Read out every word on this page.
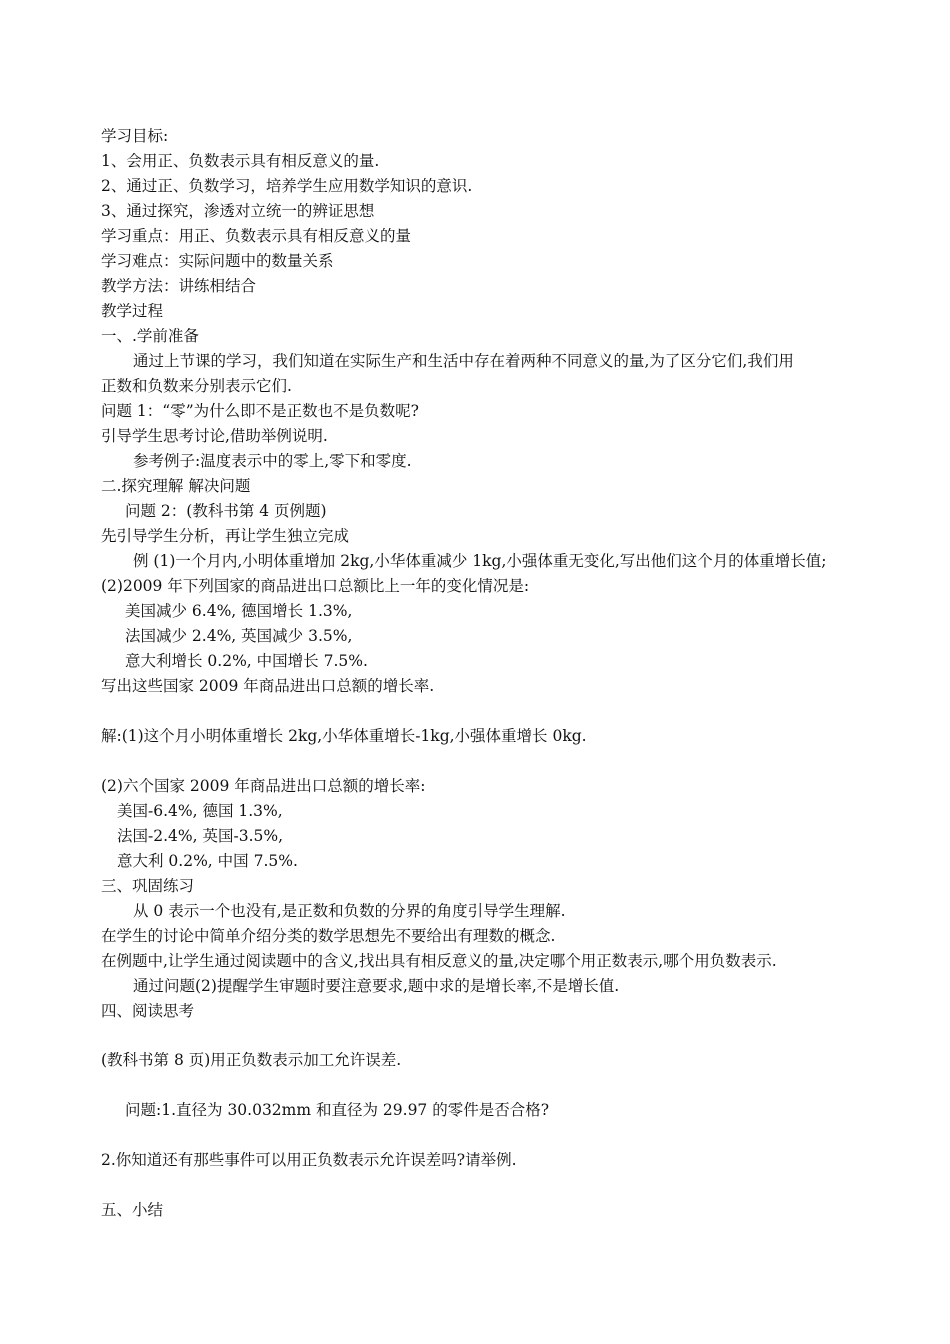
学习目标:
1、会用正、负数表示具有相反意义的量.
2、通过正、负数学习，培养学生应用数学知识的意识.
3、通过探究，渗透对立统一的辨证思想
学习重点：用正、负数表示具有相反意义的量
学习难点：实际问题中的数量关系
教学方法：讲练相结合
教学过程
一、.学前准备
通过上节课的学习，我们知道在实际生产和生活中存在着两种不同意义的量,为了区分它们,我们用
正数和负数来分别表示它们.
问题 1：“零”为什么即不是正数也不是负数呢?
引导学生思考讨论,借助举例说明.
参考例子:温度表示中的零上,零下和零度.
二.探究理解 解决问题
问题 2：(教科书第 4 页例题)
先引导学生分析，再让学生独立完成
例 (1)一个月内,小明体重增加 2kg,小华体重减少 1kg,小强体重无变化,写出他们这个月的体重增长值;
(2)2009 年下列国家的商品进出口总额比上一年的变化情况是:
美国减少 6.4%, 德国增长 1.3%,
法国减少 2.4%, 英国减少 3.5%,
意大利增长 0.2%, 中国增长 7.5%.
写出这些国家 2009 年商品进出口总额的增长率.
解:(1)这个月小明体重增长 2kg,小华体重增长-1kg,小强体重增长 0kg.
(2)六个国家 2009 年商品进出口总额的增长率:
美国-6.4%, 德国 1.3%,
法国-2.4%, 英国-3.5%,
意大利 0.2%, 中国 7.5%.
三、巩固练习
从 0 表示一个也没有,是正数和负数的分界的角度引导学生理解.
在学生的讨论中简单介绍分类的数学思想先不要给出有理数的概念.
在例题中,让学生通过阅读题中的含义,找出具有相反意义的量,决定哪个用正数表示,哪个用负数表示.
通过问题(2)提醒学生审题时要注意要求,题中求的是增长率,不是增长值.
四、阅读思考
(教科书第 8 页)用正负数表示加工允许误差.
问题:1.直径为 30.032mm 和直径为 29.97 的零件是否合格?
2.你知道还有那些事件可以用正负数表示允许误差吗?请举例.
五、小结
